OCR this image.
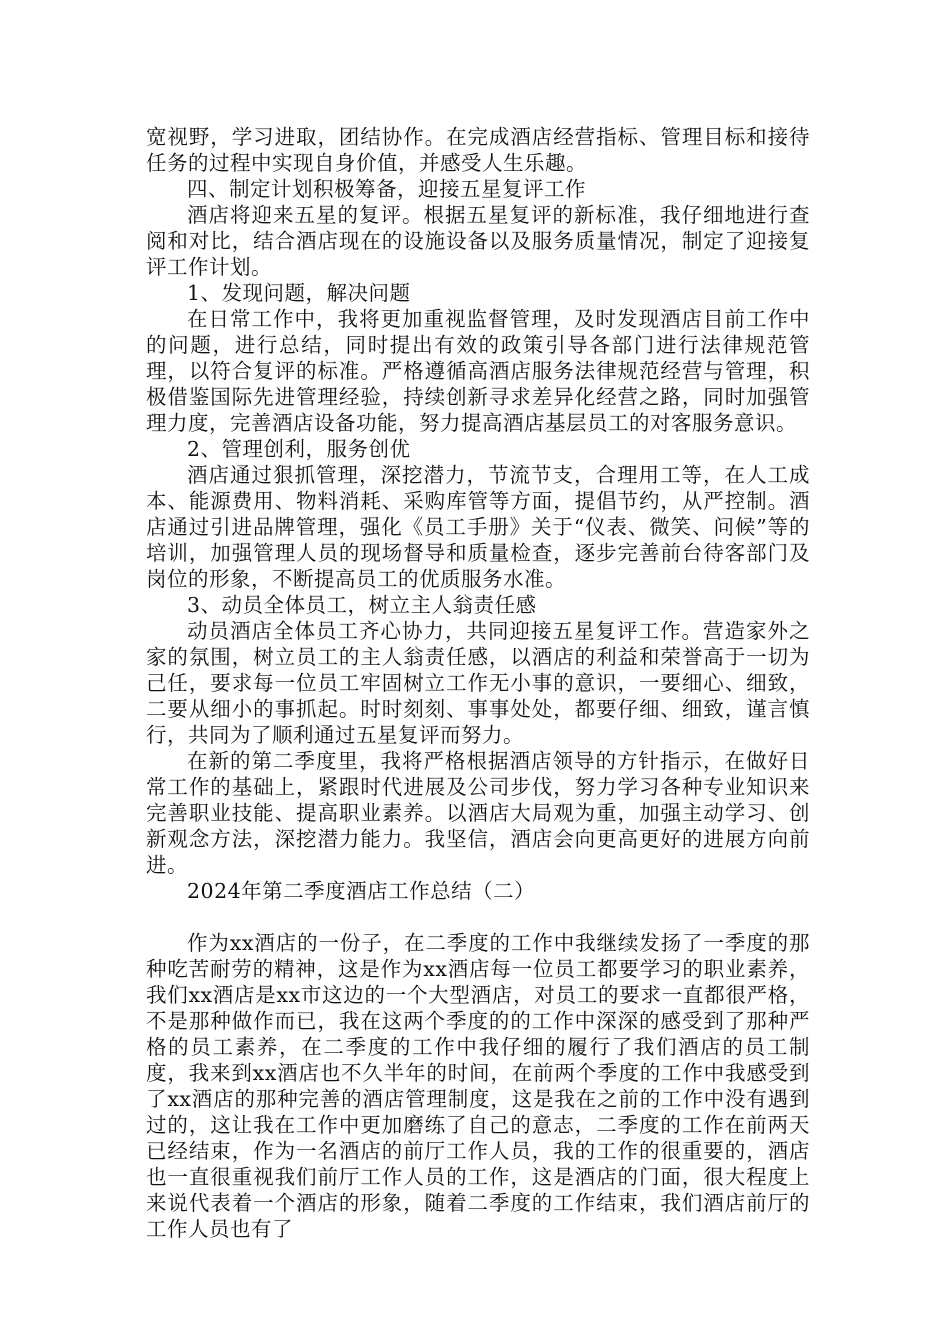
宽视野，学习进取，团结协作。在完成酒店经营指标、管理目标和接待任务的过程中实现自身价值，并感受人生乐趣。

四、制定计划积极筹备，迎接五星复评工作

酒店将迎来五星的复评。根据五星复评的新标准，我仔细地进行查阅和对比，结合酒店现在的设施设备以及服务质量情况，制定了迎接复评工作计划。

1、发现问题，解决问题

在日常工作中，我将更加重视监督管理，及时发现酒店目前工作中的问题，进行总结，同时提出有效的政策引导各部门进行法律规范管理，以符合复评的标准。严格遵循高酒店服务法律规范经营与管理，积极借鉴国际先进管理经验，持续创新寻求差异化经营之路，同时加强管理力度，完善酒店设备功能，努力提高酒店基层员工的对客服务意识。

2、管理创利，服务创优

酒店通过狠抓管理，深挖潜力，节流节支，合理用工等，在人工成本、能源费用、物料消耗、采购库管等方面，提倡节约，从严控制。酒店通过引进品牌管理，强化《员工手册》关于“仪表、微笑、问候”等的培训，加强管理人员的现场督导和质量检查，逐步完善前台待客部门及岗位的形象，不断提高员工的优质服务水准。

3、动员全体员工，树立主人翁责任感

动员酒店全体员工齐心协力，共同迎接五星复评工作。营造家外之家的氛围，树立员工的主人翁责任感，以酒店的利益和荣誉高于一切为己任，要求每一位员工牢固树立工作无小事的意识，一要细心、细致，二要从细小的事抓起。时时刻刻、事事处处，都要仔细、细致，谨言慎行，共同为了顺利通过五星复评而努力。

在新的第二季度里，我将严格根据酒店领导的方针指示，在做好日常工作的基础上，紧跟时代进展及公司步伐，努力学习各种专业知识来完善职业技能、提高职业素养。以酒店大局观为重，加强主动学习、创新观念方法，深挖潜力能力。我坚信，酒店会向更高更好的进展方向前进。

2024年第二季度酒店工作总结（二）

作为xx酒店的一份子，在二季度的工作中我继续发扬了一季度的那种吃苦耐劳的精神，这是作为xx酒店每一位员工都要学习的职业素养，我们xx酒店是xx市这边的一个大型酒店，对员工的要求一直都很严格，不是那种做作而已，我在这两个季度的的工作中深深的感受到了那种严格的员工素养，在二季度的工作中我仔细的履行了我们酒店的员工制度，我来到xx酒店也不久半年的时间，在前两个季度的工作中我感受到了xx酒店的那种完善的酒店管理制度，这是我在之前的工作中没有遇到过的，这让我在工作中更加磨练了自己的意志，二季度的工作在前两天已经结束，作为一名酒店的前厅工作人员，我的工作的很重要的，酒店也一直很重视我们前厅工作人员的工作，这是酒店的门面，很大程度上来说代表着一个酒店的形象，随着二季度的工作结束，我们酒店前厅的工作人员也有了
